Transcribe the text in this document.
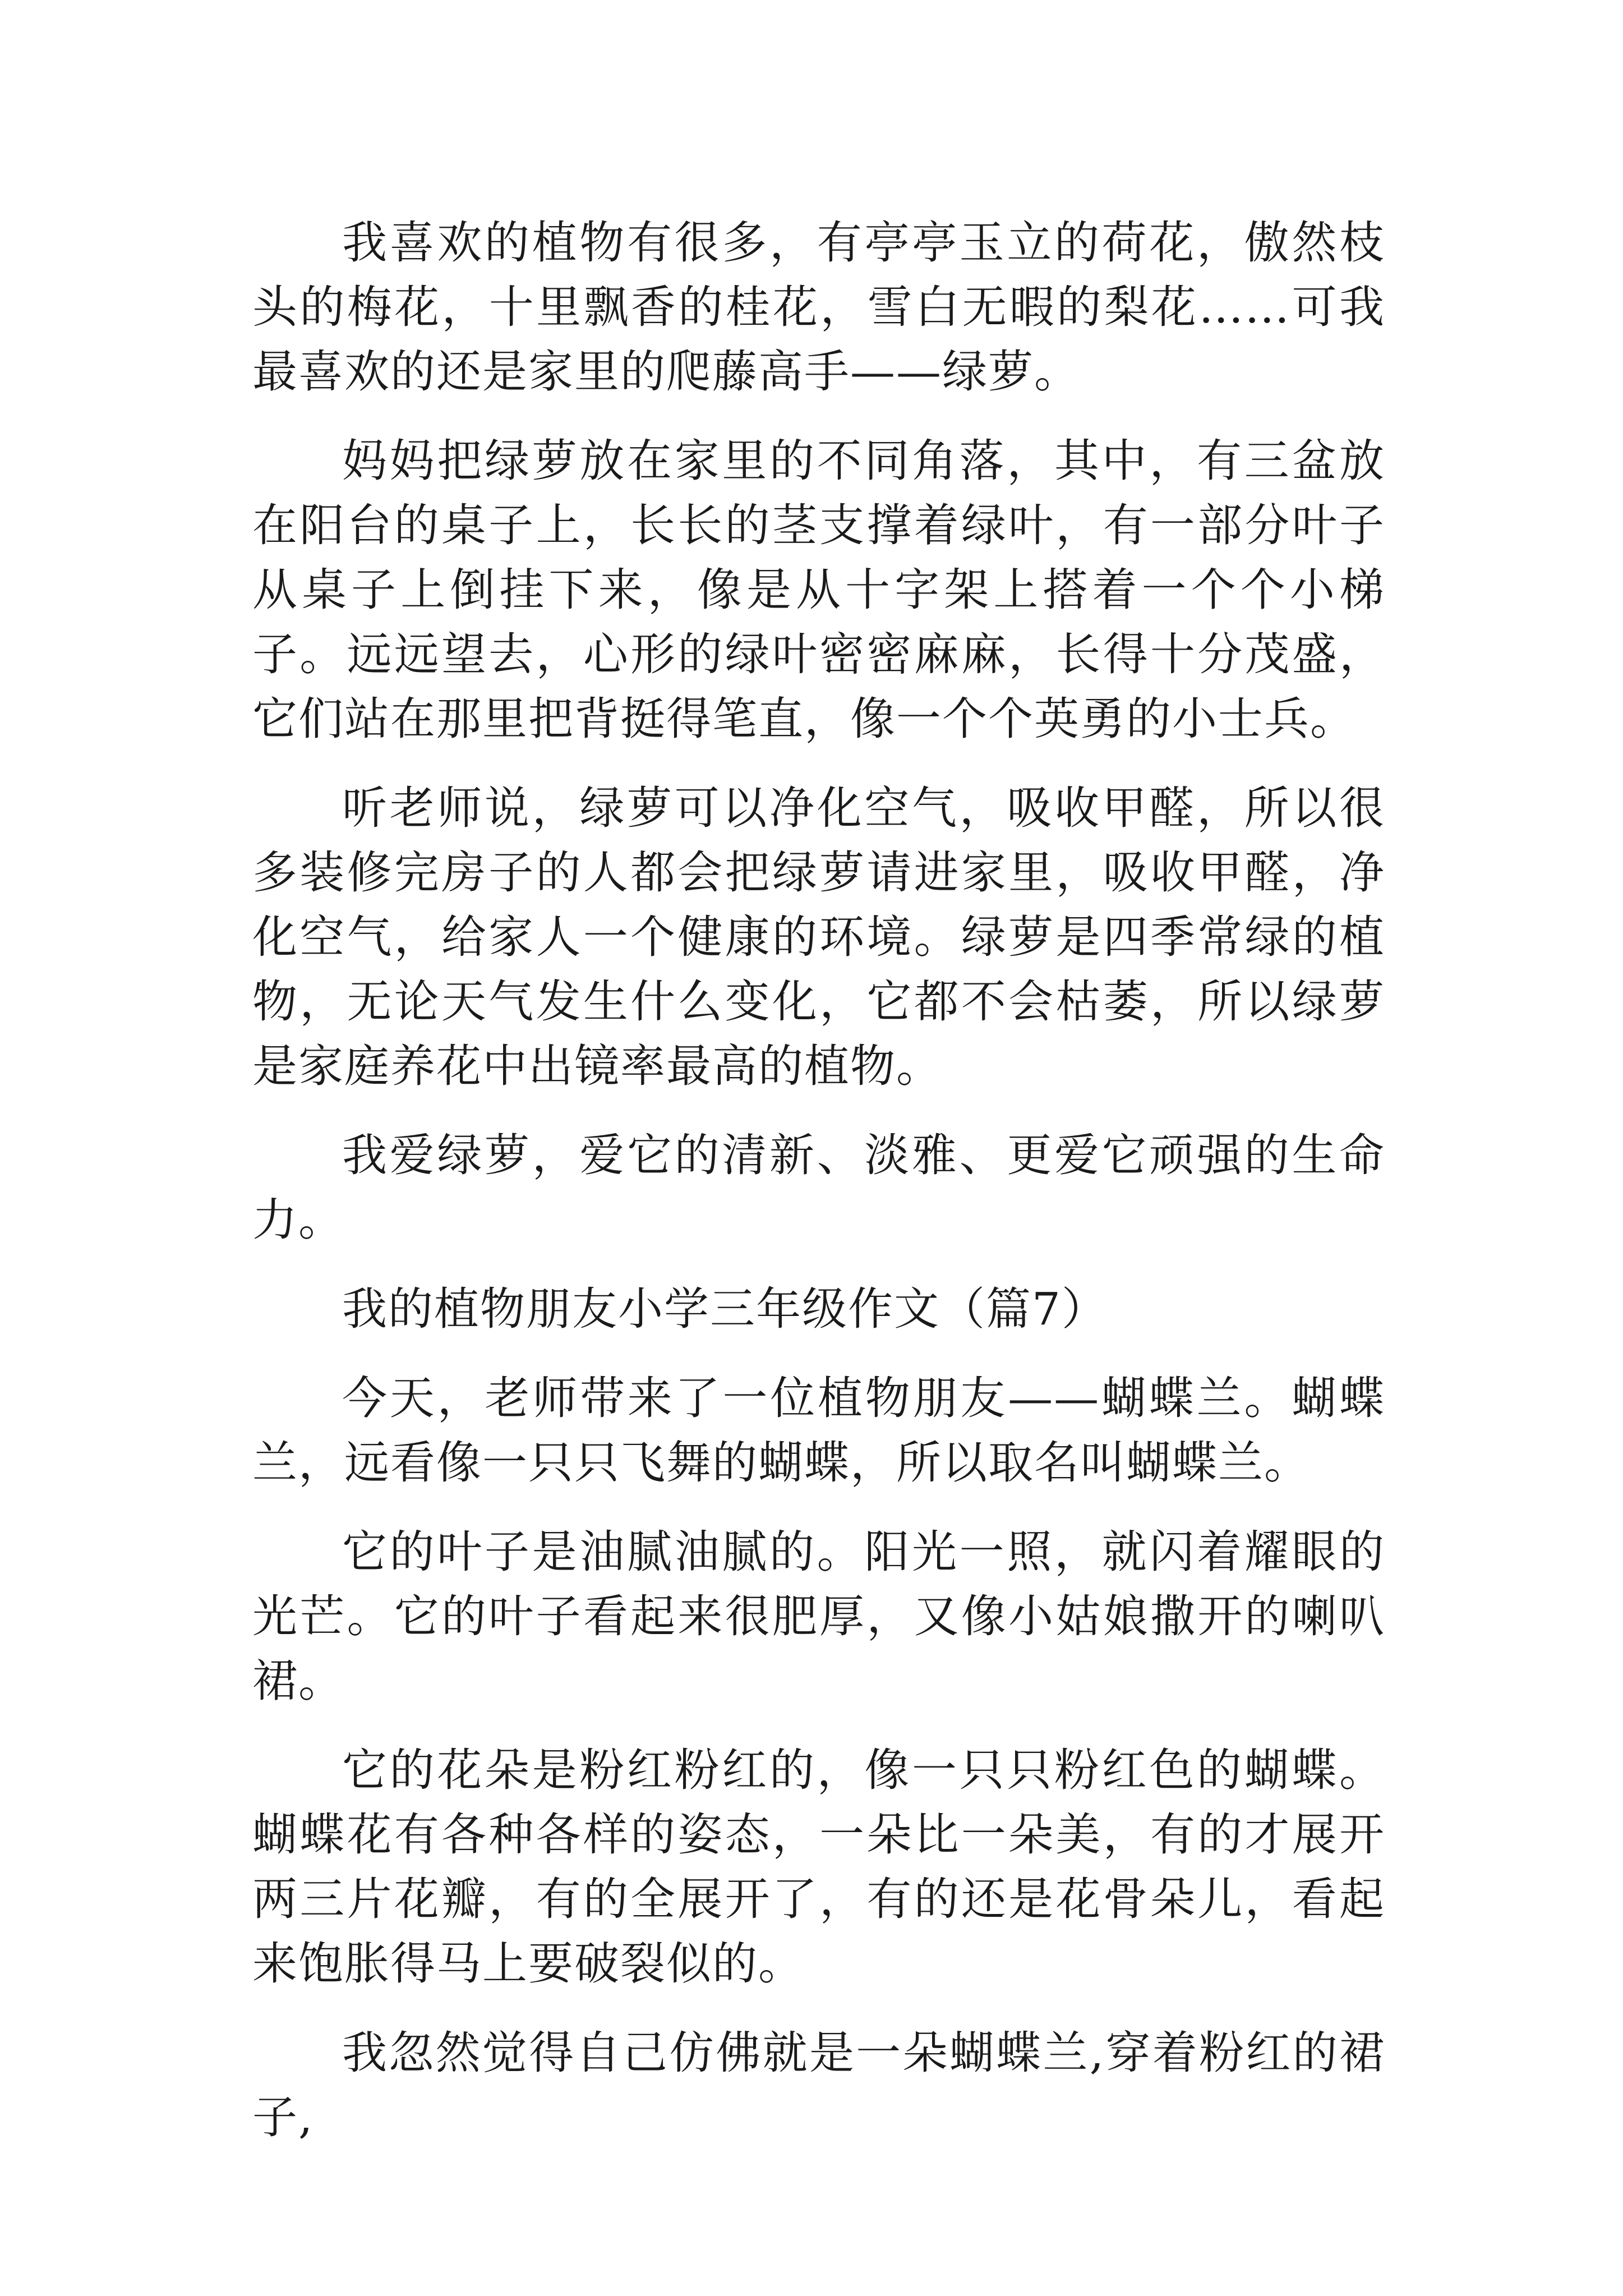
我喜欢的植物有很多，有亭亭玉立的荷花，傲然枝头的梅花，十里飘香的桂花，雪白无暇的梨花……可我最喜欢的还是家里的爬藤高手——绿萝。

妈妈把绿萝放在家里的不同角落，其中，有三盆放在阳台的桌子上，长长的茎支撑着绿叶，有一部分叶子从桌子上倒挂下来，像是从十字架上搭着一个个小梯子。远远望去，心形的绿叶密密麻麻，长得十分茂盛，它们站在那里把背挺得笔直，像一个个英勇的小士兵。

听老师说，绿萝可以净化空气，吸收甲醛，所以很多装修完房子的人都会把绿萝请进家里，吸收甲醛，净化空气，给家人一个健康的环境。绿萝是四季常绿的植物，无论天气发生什么变化，它都不会枯萎，所以绿萝是家庭养花中出镜率最高的植物。

我爱绿萝，爱它的清新、淡雅、更爱它顽强的生命力。

我的植物朋友小学三年级作文（篇7）

今天，老师带来了一位植物朋友——蝴蝶兰。蝴蝶兰，远看像一只只飞舞的蝴蝶，所以取名叫蝴蝶兰。

它的叶子是油腻油腻的。阳光一照，就闪着耀眼的光芒。它的叶子看起来很肥厚，又像小姑娘撒开的喇叭裙。

它的花朵是粉红粉红的，像一只只粉红色的蝴蝶。蝴蝶花有各种各样的姿态，一朵比一朵美，有的才展开两三片花瓣，有的全展开了，有的还是花骨朵儿，看起来饱胀得马上要破裂似的。

我忽然觉得自己仿佛就是一朵蝴蝶兰,穿着粉红的裙子,
